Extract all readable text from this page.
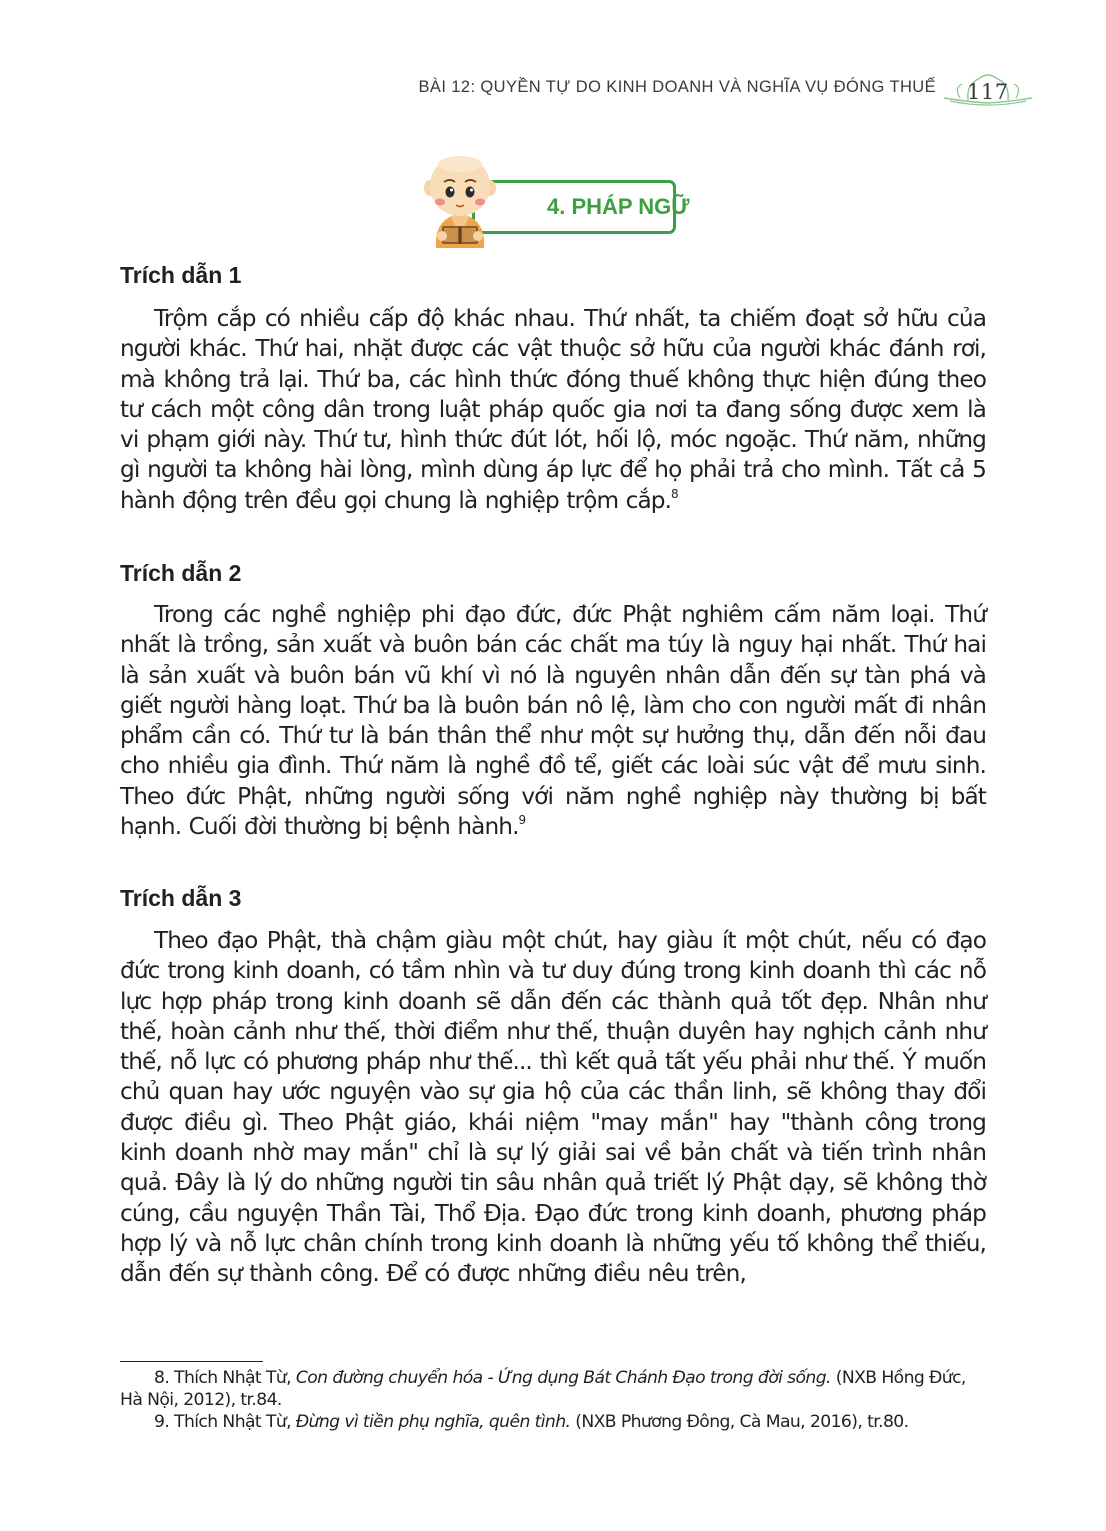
BÀI 12: QUYỀN TỰ DO KINH DOANH VÀ NGHĨA VỤ ĐÓNG THUẾ 117
4. PHÁP NGỮ
Trích dẫn 1

Trộm cắp có nhiều cấp độ khác nhau. Thứ nhất, ta chiếm đoạt sở hữu của người khác. Thứ hai, nhặt được các vật thuộc sở hữu của người khác đánh rơi, mà không trả lại. Thứ ba, các hình thức đóng thuế không thực hiện đúng theo tư cách một công dân trong luật pháp quốc gia nơi ta đang sống được xem là vi phạm giới này. Thứ tư, hình thức đút lót, hối lộ, móc ngoặc. Thứ năm, những gì người ta không hài lòng, mình dùng áp lực để họ phải trả cho mình. Tất cả 5 hành động trên đều gọi chung là nghiệp trộm cắp.$^8$

Trích dẫn 2

Trong các nghề nghiệp phi đạo đức, đức Phật nghiêm cấm năm loại. Thứ nhất là trồng, sản xuất và buôn bán các chất ma túy là nguy hại nhất. Thứ hai là sản xuất và buôn bán vũ khí vì nó là nguyên nhân dẫn đến sự tàn phá và giết người hàng loạt. Thứ ba là buôn bán nô lệ, làm cho con người mất đi nhân phẩm cần có. Thứ tư là bán thân thể như một sự hưởng thụ, dẫn đến nỗi đau cho nhiều gia đình. Thứ năm là nghề đồ tể, giết các loài súc vật để mưu sinh. Theo đức Phật, những người sống với năm nghề nghiệp này thường bị bất hạnh. Cuối đời thường bị bệnh hành.$^9$

Trích dẫn 3

Theo đạo Phật, thà chậm giàu một chút, hay giàu ít một chút, nếu có đạo đức trong kinh doanh, có tầm nhìn và tư duy đúng trong kinh doanh thì các nỗ lực hợp pháp trong kinh doanh sẽ dẫn đến các thành quả tốt đẹp. Nhân như thế, hoàn cảnh như thế, thời điểm như thế, thuận duyên hay nghịch cảnh như thế, nỗ lực có phương pháp như thế... thì kết quả tất yếu phải như thế. Ý muốn chủ quan hay ước nguyện vào sự gia hộ của các thần linh, sẽ không thay đổi được điều gì. Theo Phật giáo, khái niệm "may mắn" hay "thành công trong kinh doanh nhờ may mắn" chỉ là sự lý giải sai về bản chất và tiến trình nhân quả. Đây là lý do những người tin sâu nhân quả triết lý Phật dạy, sẽ không thờ cúng, cầu nguyện Thần Tài, Thổ Địa. Đạo đức trong kinh doanh, phương pháp hợp lý và nỗ lực chân chính trong kinh doanh là những yếu tố không thể thiếu, dẫn đến sự thành công. Để có được những điều nêu trên,

8. Thích Nhật Từ, Con đường chuyển hóa - Ứng dụng Bát Chánh Đạo trong đời sống. (NXB Hồng Đức, Hà Nội, 2012), tr.84.

9. Thích Nhật Từ, Đừng vì tiền phụ nghĩa, quên tình. (NXB Phương Đông, Cà Mau, 2016), tr.80.
